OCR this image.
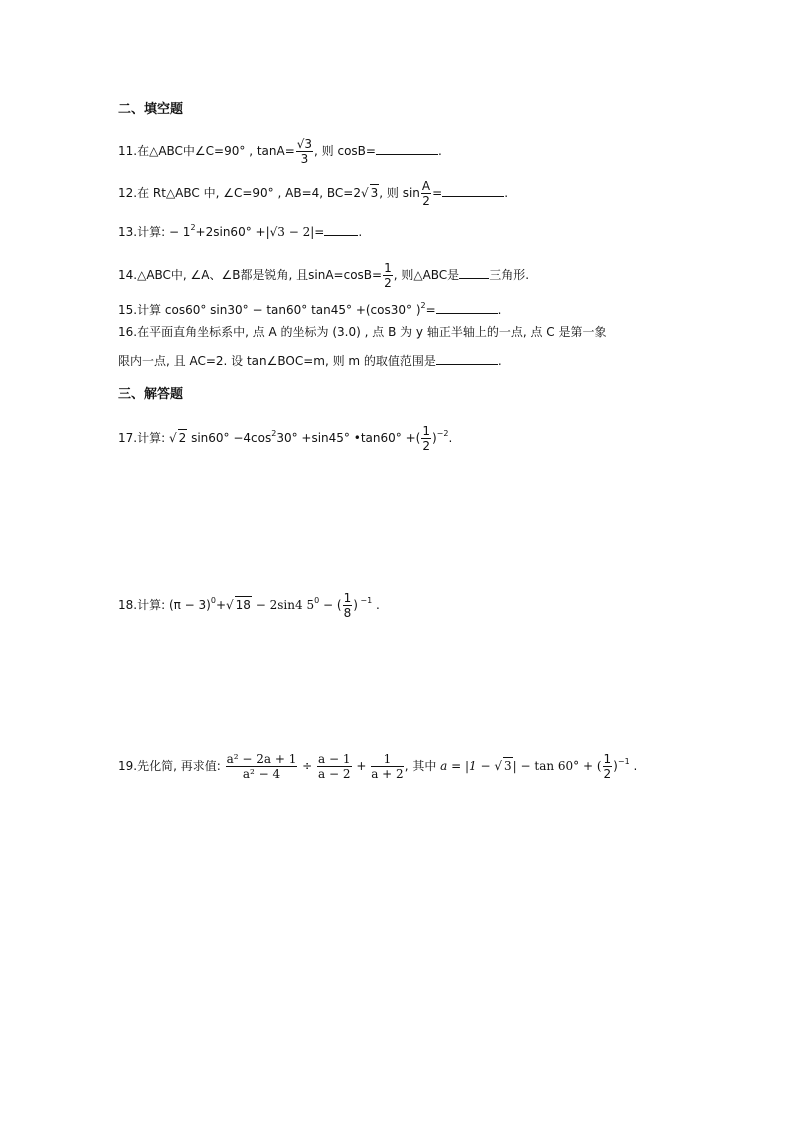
二、填空题
11.在△ABC中∠C=90° , $\tan A= \frac{√3}{3}$ , 则 cosB=	.
12.在 Rt△ABC 中, ∠C=90° , AB=4, BC=2√ 3, 则 $\sin \frac{A}{2}$ =	.
13.计算: − $1^2+2\sin 60^\circ +|√3 - 2|=$	.
14.△ABC中, ∠A、∠B都是锐角, 且$\sin A=\cos B= \frac{1}{2}$ , 则△ABC是	三角形.
15.计算 cos60° sin30° − tan60° tan45° +(cos30° )$^2$=	.
16.在平面直角坐标系中, 点 A 的坐标为 (3.0) , 点 B 为 y 轴正半轴上的一点, 点 C 是第一象
限内一点, 且 AC=2. 设 tan∠BOC=m, 则 m 的取值范围是	.
三、解答题
17.计算: √ 2 $\sin 60^\circ -4\cos^230^\circ +\sin 45^\circ$ •tan60° +( $\frac{1}{2} )^{-2}$.
18.计算: $(\pi - 3)^0+√$ 18 − 2sin4 $5^0$ − ( $\frac{1}{8}$ ) $^{-1}$ .
19.先化简, 再求值: $\frac{\text{a² − 2a + 1}}{\text{a² − 4}} \div \frac{a - 1}{a - 2} + \frac{1}{a + 2}$ , 其中 a = |1 − √ 3| − tan 60° + ( $\frac{1}{2} )^{-1}$ .
